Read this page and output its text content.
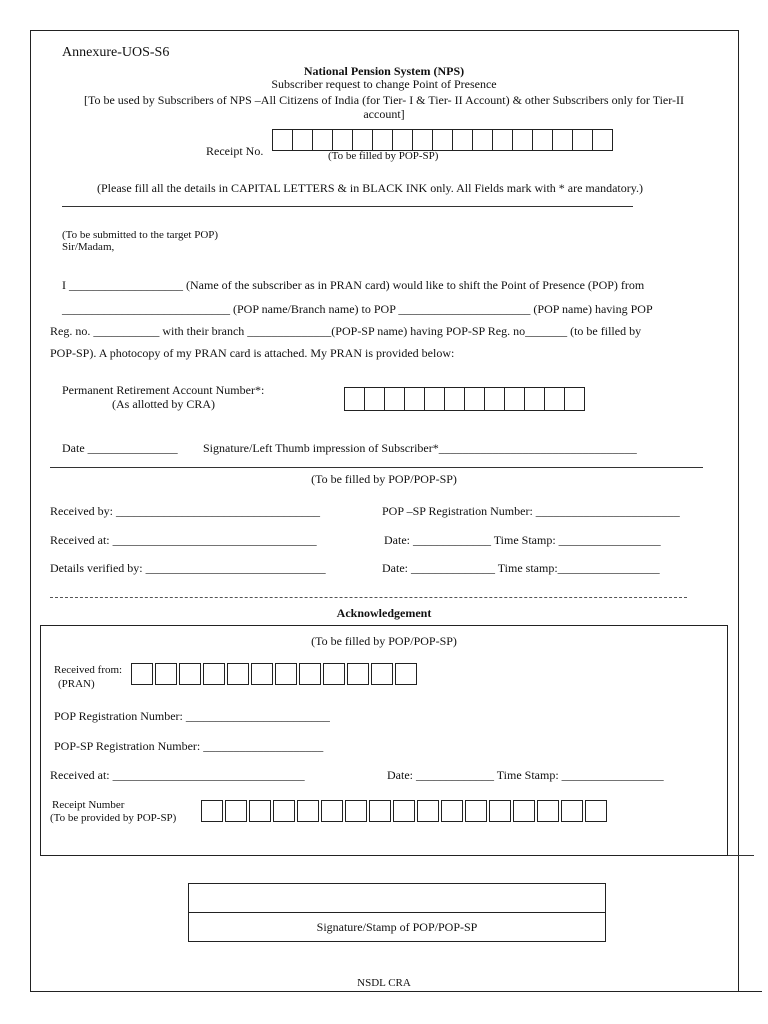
Annexure-UOS-S6
National Pension System (NPS)
Subscriber request to change Point of Presence
[To be used by Subscribers of NPS –All Citizens of India (for Tier- I & Tier- II Account) & other Subscribers only for Tier-II
account]
Receipt No.	(To be filled by POP-SP)
(Please fill all the details in CAPITAL LETTERS & in BLACK INK only. All Fields mark with * are mandatory.)
(To be submitted to the target POP)
Sir/Madam,
I ___________________ (Name of the subscriber as in PRAN card) would like to shift the Point of Presence (POP) from
____________________________ (POP name/Branch name) to POP ______________________ (POP name) having POP
Reg. no. ___________ with their branch ______________(POP-SP name) having POP-SP Reg. no_______ (to be filled by
POP-SP). A photocopy of my PRAN card is attached. My PRAN is provided below:
Permanent Retirement Account Number*:
(As allotted by CRA)
Date _______________ Signature/Left Thumb impression of Subscriber*_________________________________
(To be filled by POP/POP-SP)
Received by: __________________________________	POP –SP Registration Number: ________________________
Received at: __________________________________	Date: _____________ Time Stamp: _________________
Details verified by: ______________________________	Date: ______________ Time stamp:_________________
Acknowledgement
(To be filled by POP/POP-SP)
Received from:
(PRAN)
POP Registration Number: ________________________
POP-SP Registration Number: ____________________
Received at: ________________________________	Date: _____________ Time Stamp: _________________
Receipt Number
(To be provided by POP-SP)
Signature/Stamp of POP/POP-SP
NSDL CRA
